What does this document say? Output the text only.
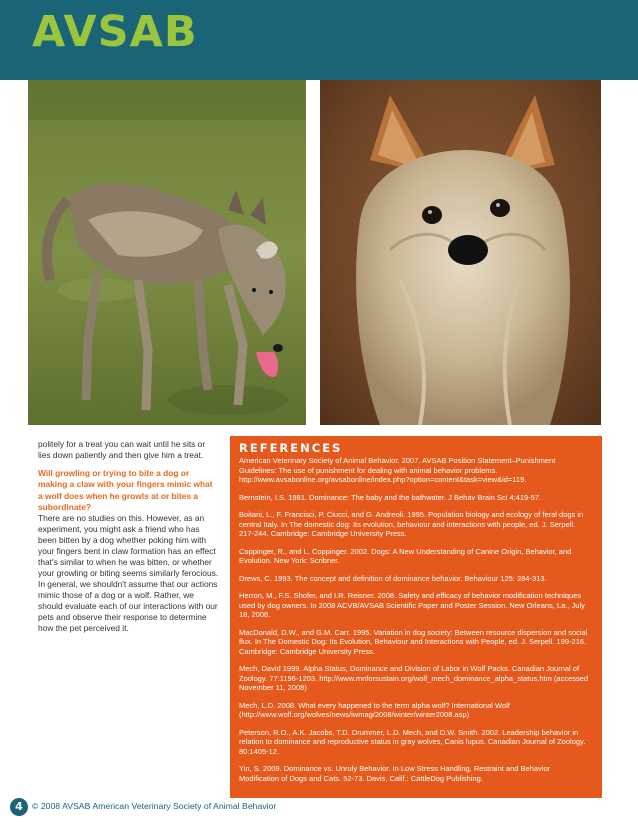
AVSAB

politely for a treat you can wait until he sits or lies down patiently and then give him a treat.

Will growling or trying to bite a dog or making a claw with your fingers mimic what a wolf does when he growls at or bites a subordinate?

There are no studies on this. However, as an experiment, you might ask a friend who has been bitten by a dog whether poking him with your fingers bent in claw formation has an effect that's similar to when he was bitten, or whether your growling or biting seems similarly ferocious. In general, we shouldn't assume that our actions mimic those of a dog or a wolf. Rather, we should evaluate each of our interactions with our pets and observe their response to determine how the pet perceived it.

REFERENCES

American Veterinary Society of Animal Behavior. 2007. AVSAB Position Statement–Punishment Guidelines: The use of punishment for dealing with animal behavior problems. http://www.avsabonline.org/avsabonline/index.php?option=content&task=view&id=119.

Bernstein, I.S. 1981. Dominance: The baby and the bathwater. J Behav Brain Sci 4:419-57.

Boitani, L., F. Francisci, P. Ciucci, and G. Andreoli. 1995. Population biology and ecology of feral dogs in central Italy. In The domestic dog: Its evolution, behaviour and interactions with people, ed. J. Serpell. 217-244. Cambridge: Cambridge University Press.

Coppinger, R., and L. Coppinger. 2002. Dogs: A New Understanding of Canine Origin, Behavior, and Evolution. New York: Scribner.

Drews, C. 1993. The concept and definition of dominance behavior. Behaviour 125: 284-313.

Herron, M., F.S. Shofer, and I.R. Reisner. 2008. Safety and efficacy of behavior modification techniques used by dog owners. In 2008 ACVB/AVSAB Scientific Paper and Poster Session. New Orleans, La., July 18, 2008.

MacDonald, D.W., and G.M. Carr. 1995. Variation in dog society: Between resource dispersion and social flux. In The Domestic Dog: Its Evolution, Behaviour and Interactions with People, ed. J. Serpell. 199-216. Cambridge: Cambridge University Press.

Mech, David 1999. Alpha Status, Dominance and Division of Labor in Wolf Packs. Canadian Journal of Zoology. 77:1196-1203. http://www.mnforsustain.org/wolf_mech_dominance_alpha_status.htm (accessed November 11, 2008)

Mech, L.D. 2008. What every happened to the term alpha wolf? International Wolf (http://www.wolf.org/wolves/news/iwmag/2008/winter/winter2008.asp)

Peterson, R.O., A.K. Jacobs, T.D. Drummer, L.D. Mech, and D.W. Smith. 2002. Leadership behavior in relation to dominance and reproductive status in gray wolves, Canis lupus. Canadian Journal of Zoology. 80:1405-12.

Yin, S. 2009. Dominance vs. Unruly Behavior. In Low Stress Handling, Restraint and Behavior Modification of Dogs and Cats. 52-73. Davis, Calif.: CattleDog Publishing.

4	© 2008 AVSAB American Veterinary Society of Animal Behavior
